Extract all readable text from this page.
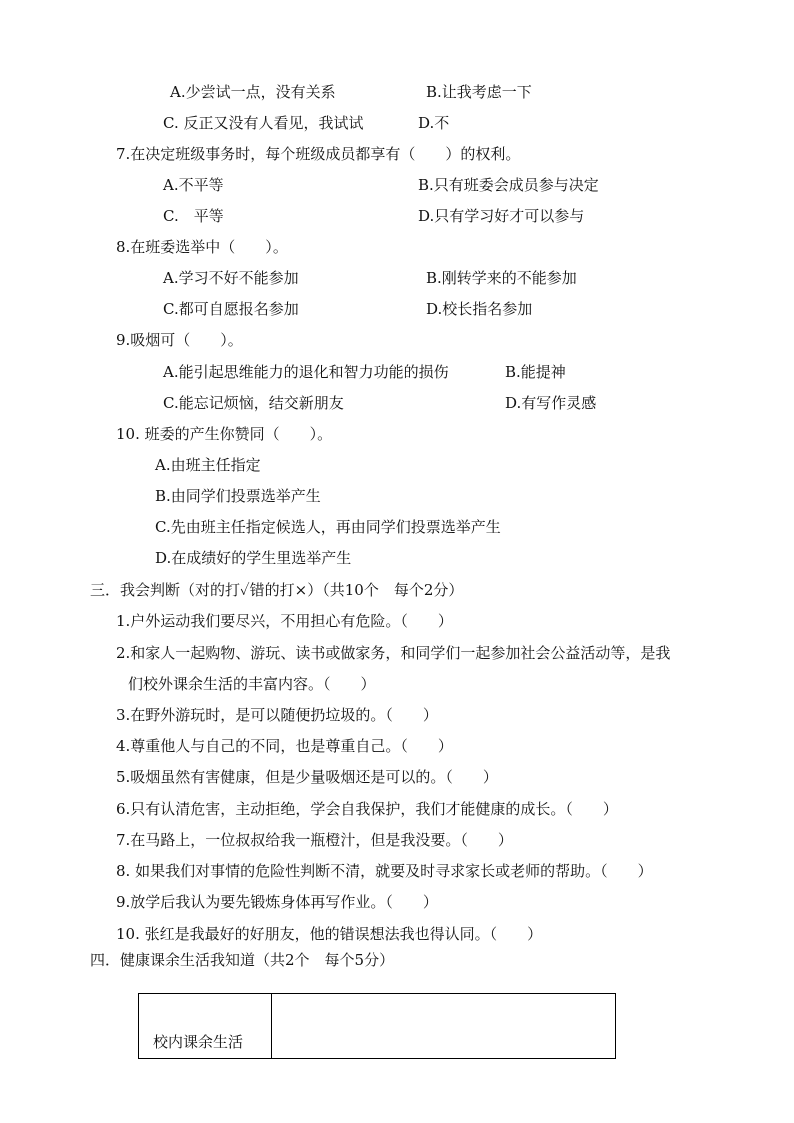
A.少尝试一点，没有关系	B.让我考虑一下
C. 反正又没有人看见，我试试	D.不
7.在决定班级事务时，每个班级成员都享有（　　）的权利。
A.不平等	B.只有班委会成员参与决定
C.　平等	D.只有学习好才可以参与
8.在班委选举中（　　）。
A.学习不好不能参加	B.刚转学来的不能参加
C.都可自愿报名参加	D.校长指名参加
9.吸烟可（　　）。
A.能引起思维能力的退化和智力功能的损伤	B.能提神
C.能忘记烦恼，结交新朋友	D.有写作灵感
10. 班委的产生你赞同（　　）。
A.由班主任指定
B.由同学们投票选举产生
C.先由班主任指定候选人，再由同学们投票选举产生
D.在成绩好的学生里选举产生
三．我会判断（对的打✓错的打×）（共10个　每个2分）
1.户外运动我们要尽兴，不用担心有危险。（　　）
2.和家人一起购物、游玩、读书或做家务，和同学们一起参加社会公益活动等，是我
们校外课余生活的丰富内容。（　　）
3.在野外游玩时，是可以随便扔垃圾的。（　　）
4.尊重他人与自己的不同，也是尊重自己。（　　）
5.吸烟虽然有害健康，但是少量吸烟还是可以的。（　　）
6.只有认清危害，主动拒绝，学会自我保护，我们才能健康的成长。（　　）
7.在马路上，一位叔叔给我一瓶橙汁，但是我没要。（　　）
8. 如果我们对事情的危险性判断不清，就要及时寻求家长或老师的帮助。（　　）
9.放学后我认为要先锻炼身体再写作业。（　　）
10. 张红是我最好的好朋友，他的错误想法我也得认同。（　　）
四．健康课余生活我知道（共2个　每个5分）
校内课余生活
